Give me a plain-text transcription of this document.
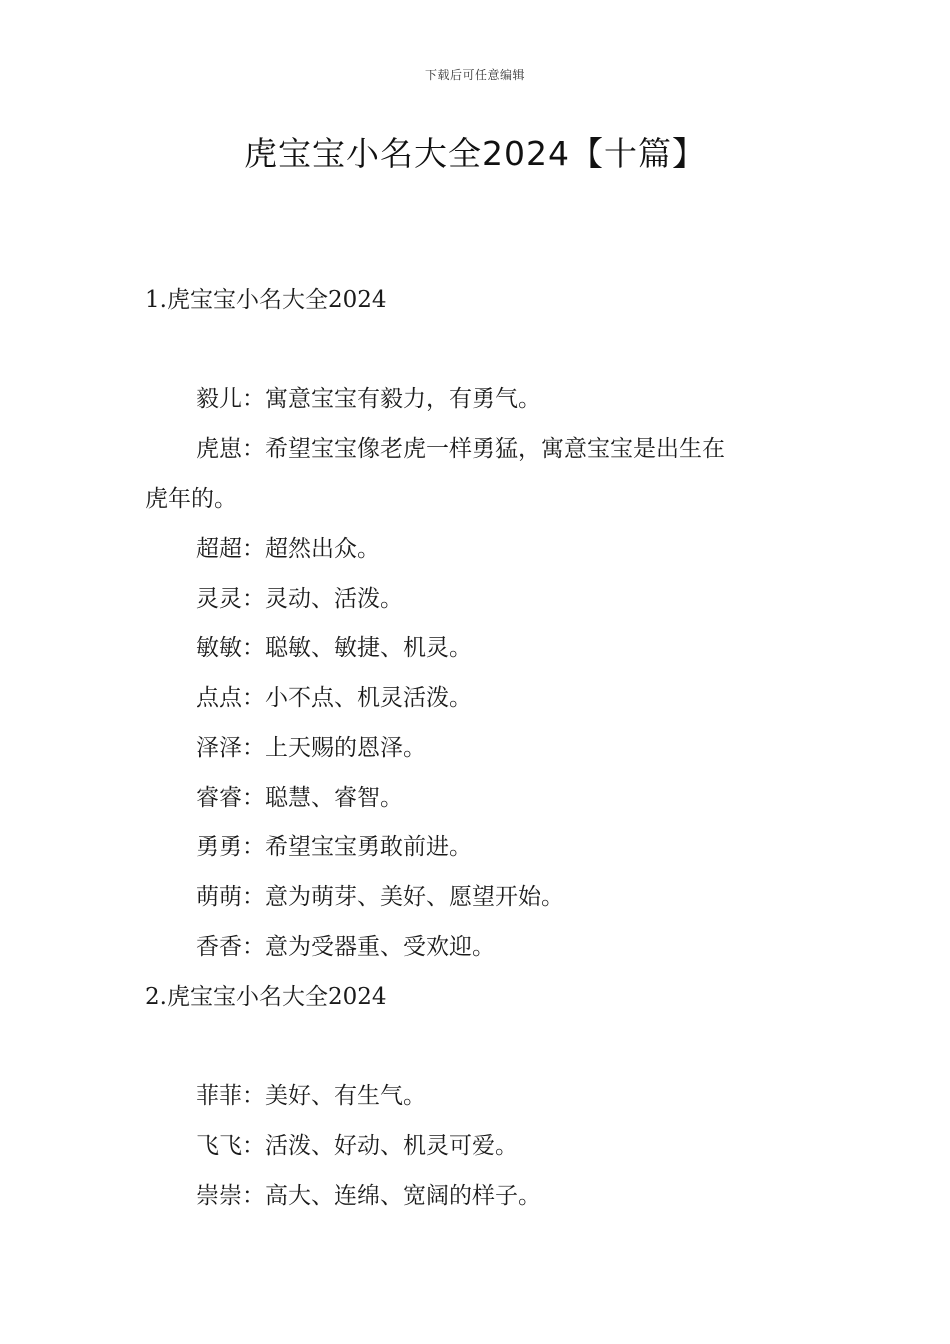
下载后可任意编辑
虎宝宝小名大全2024【十篇】
1.虎宝宝小名大全2024
毅儿：寓意宝宝有毅力，有勇气。
虎崽：希望宝宝像老虎一样勇猛，寓意宝宝是出生在
虎年的。
超超：超然出众。
灵灵：灵动、活泼。
敏敏：聪敏、敏捷、机灵。
点点：小不点、机灵活泼。
泽泽：上天赐的恩泽。
睿睿：聪慧、睿智。
勇勇：希望宝宝勇敢前进。
萌萌：意为萌芽、美好、愿望开始。
香香：意为受器重、受欢迎。
2.虎宝宝小名大全2024
菲菲：美好、有生气。
飞飞：活泼、好动、机灵可爱。
崇崇：高大、连绵、宽阔的样子。
